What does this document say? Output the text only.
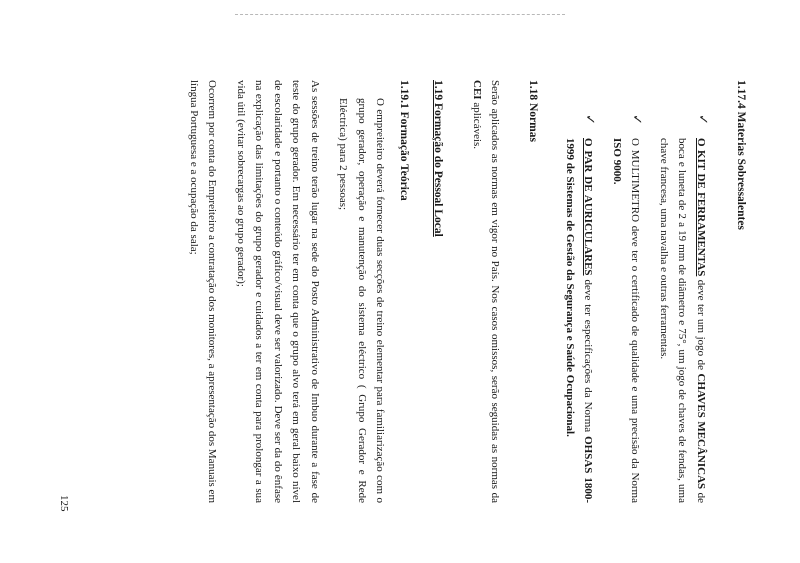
1.17.4 Materias Sobressalentes

✓
O KIT DE FERRAMENTAS deve ter um jogo de CHAVES MECÂNICAS de boca e luneta de 2 a 19 mm de diâmetro e 75°, um jogo de chaves de fendas, uma chave francesa, uma navalha e outras ferramentas.

✓
O MULTIMETRO deve ter o certificado de qualidade e uma precisão da Norma ISO 9000.

✓
O PAR DE AURICULARES deve ter especificações da Norma OHSAS 1800-1999 de Sistemas de Gestão da Segurança e Saúde Ocupacional.

1.18 Normas

Serão aplicados as normas em vigor no País. Nos casos omissos, serão seguidas as normas da CEI aplicáveis.

1.19 Formação do Pessoal Local

1.19.1 Formação Teórica

O empreiteiro deverá fornecer duas secções de treino elementar para familiarização com o grupo gerador, operação e manutenção do sistema eléctrico ( Grupo Gerador e Rede Eléctrica) para 2 pessoas;

As sessões de treino terão lugar na sede do Posto Administrativo de Imbuo durante a fase de teste do grupo gerador. Em necessário ter em conta que o grupo alvo terá em geral baixo nível de escolaridade e portanto o conteúdo gráfico/visual deve ser valorizado. Deve ser da do ênfase na explicação das limitações do grupo gerador e cuidados a ter em conta para prolongar a sua vida útil (evitar sobrecargas ao grupo gerador);

Ocorrem por conta do Empreiteiro a contratação dos monitores, a apresentação dos Manuais em língua Portuguesa e a ocupação da sala;

125
